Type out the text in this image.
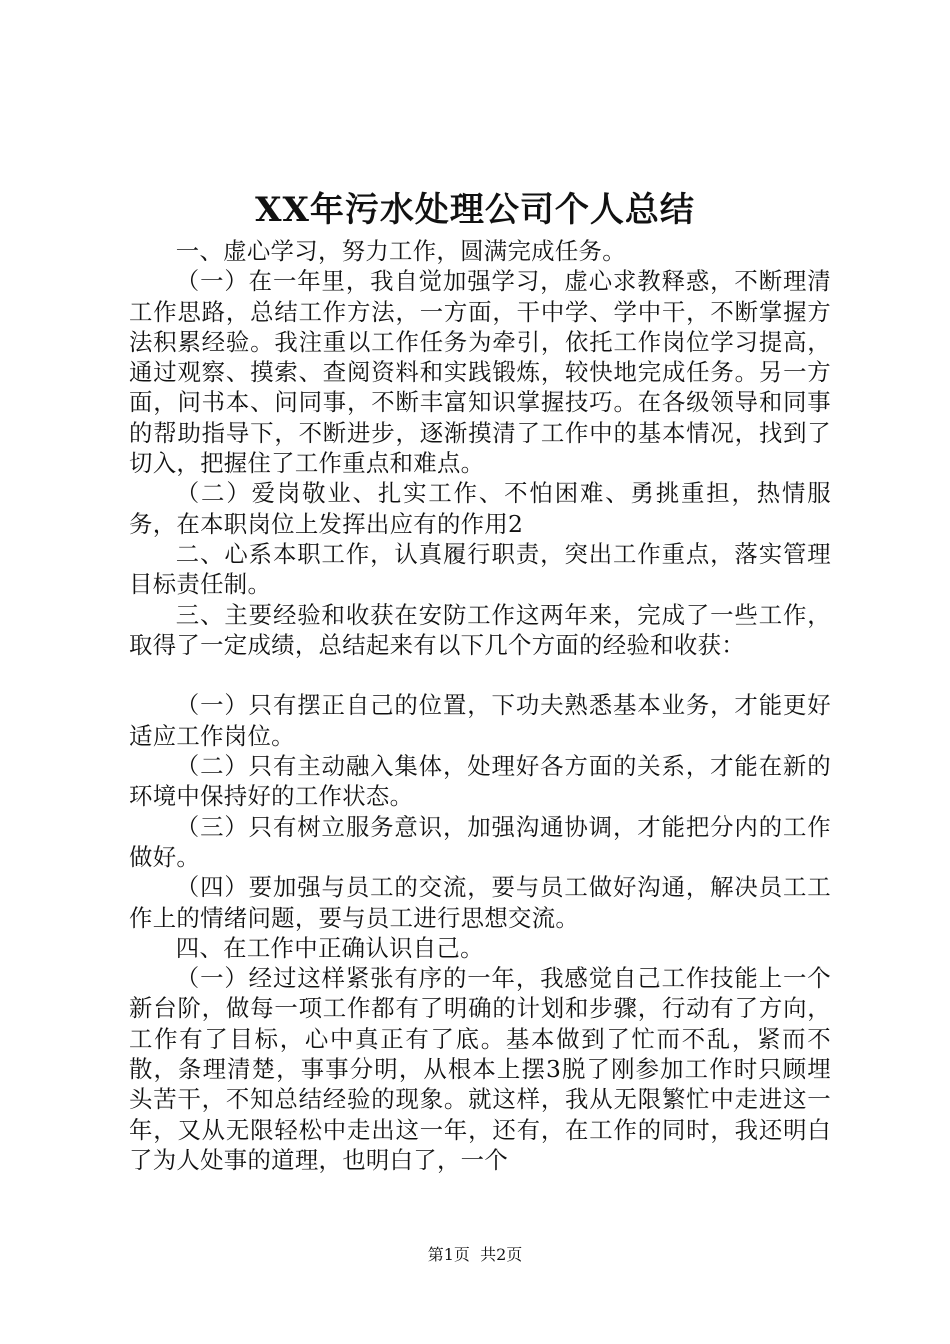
XX年污水处理公司个人总结

一、虚心学习，努力工作，圆满完成任务。

（一）在一年里，我自觉加强学习，虚心求教释惑，不断理清工作思路，总结工作方法，一方面，干中学、学中干，不断掌握方法积累经验。我注重以工作任务为牵引，依托工作岗位学习提高，通过观察、摸索、查阅资料和实践锻炼，较快地完成任务。另一方面，问书本、问同事，不断丰富知识掌握技巧。在各级领导和同事的帮助指导下，不断进步，逐渐摸清了工作中的基本情况，找到了切入，把握住了工作重点和难点。

（二）爱岗敬业、扎实工作、不怕困难、勇挑重担，热情服务，在本职岗位上发挥出应有的作用2

二、心系本职工作，认真履行职责，突出工作重点，落实管理目标责任制。

三、主要经验和收获在安防工作这两年来，完成了一些工作，取得了一定成绩，总结起来有以下几个方面的经验和收获：

（一）只有摆正自己的位置，下功夫熟悉基本业务，才能更好适应工作岗位。

（二）只有主动融入集体，处理好各方面的关系，才能在新的环境中保持好的工作状态。

（三）只有树立服务意识，加强沟通协调，才能把分内的工作做好。

（四）要加强与员工的交流，要与员工做好沟通，解决员工工作上的情绪问题，要与员工进行思想交流。

四、在工作中正确认识自己。

（一）经过这样紧张有序的一年，我感觉自己工作技能上一个新台阶，做每一项工作都有了明确的计划和步骤，行动有了方向，工作有了目标，心中真正有了底。基本做到了忙而不乱，紧而不散，条理清楚，事事分明，从根本上摆3脱了刚参加工作时只顾埋头苦干，不知总结经验的现象。就这样，我从无限繁忙中走进这一年，又从无限轻松中走出这一年，还有，在工作的同时，我还明白了为人处事的道理，也明白了，一个

第1页 共2页
